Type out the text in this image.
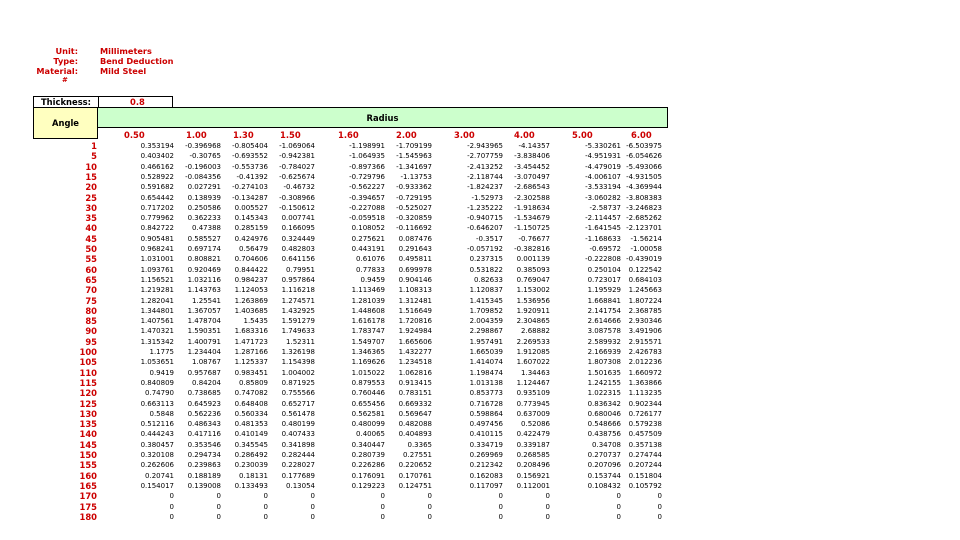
Unit:	Millimeters
Type:	Bend Deduction
Material:	Mild Steel
#
Thickness:	0.8
Angle
Radius
0.50	1.00	1.30	1.50	1.60	2.00	3.00	4.00	5.00	6.00
1	0.353194	-0.396968	-0.805404	-1.069064	-1.198991	-1.709199	-2.943965	-4.14357	-5.330261 -6.503975
5	0.403402	-0.30765	-0.693552	-0.942381	-1.064935	-1.545963	-2.707759	-3.838406	-4.951931 -6.054626
10	0.466162	-0.196003	-0.553736	-0.784027	-0.897366	-1.341697	-2.413252	-3.454452	-4.479019 -5.493066
15	0.528922	-0.084356	-0.41392	-0.625674	-0.729796	-1.13753	-2.118744	-3.070497	-4.006107 -4.931505
20	0.591682	0.027291	-0.274103	-0.46732	-0.562227	-0.933362	-1.824237	-2.686543	-3.533194 -4.369944
25	0.654442	0.138939	-0.134287	-0.308966	-0.394657	-0.729195	-1.52973	-2.302588	-3.060282 -3.808383
30	0.717202	0.250586	0.005527	-0.150612	-0.227088	-0.525027	-1.235222	-1.918634	-2.58737 -3.246823
35	0.779962	0.362233	0.145343	0.007741	-0.059518	-0.320859	-0.940715	-1.534679	-2.114457 -2.685262
40	0.842722	0.47388	0.285159	0.166095	0.108052	-0.116692	-0.646207	-1.150725	-1.641545 -2.123701
45	0.905481	0.585527	0.424976	0.324449	0.275621	0.087476	-0.3517	-0.76677	-1.168633	-1.56214
50	0.968241	0.697174	0.56479	0.482803	0.443191	0.291643	-0.057192	-0.382816	-0.69572	-1.00058
55	1.031001	0.808821	0.704606	0.641156	0.61076	0.495811	0.237315	0.001139	-0.222808 -0.439019
60	1.093761	0.920469	0.844422	0.79951	0.77833	0.699978	0.531822	0.385093	0.250104	0.122542
65	1.156521	1.032116	0.984237	0.957864	0.9459	0.904146	0.82633	0.769047	0.723017	0.684103
70	1.219281	1.143763	1.124053	1.116218	1.113469	1.108313	1.120837	1.153002	1.195929	1.245663
75	1.282041	1.25541	1.263869	1.274571	1.281039	1.312481	1.415345	1.536956	1.668841	1.807224
80	1.344801	1.367057	1.403685	1.432925	1.448608	1.516649	1.709852	1.920911	2.141754	2.368785
85	1.407561	1.478704	1.5435	1.591279	1.616178	1.720816	2.004359	2.304865	2.614666	2.930346
90	1.470321	1.590351	1.683316	1.749633	1.783747	1.924984	2.298867	2.68882	3.087578	3.491906
95	1.315342	1.400791	1.471723	1.52311	1.549707	1.665606	1.957491	2.269533	2.589932	2.915571
100	1.1775	1.234404	1.287166	1.326198	1.346365	1.432277	1.665039	1.912085	2.166939	2.426783
105	1.053651	1.08767	1.125337	1.154398	1.169626	1.234518	1.414074	1.607022	1.807308	2.012236
110	0.9419	0.957687	0.983451	1.004002	1.015022	1.062816	1.198474	1.34463	1.501635	1.660972
115	0.840809	0.84204	0.85809	0.871925	0.879553	0.913415	1.013138	1.124467	1.242155	1.363866
120	0.74790	0.738685	0.747082	0.755566	0.760446	0.783151	0.853773	0.935109	1.022315	1.113235
125	0.663113	0.645923	0.648408	0.652717	0.655456	0.669332	0.716728	0.773945	0.836342	0.902344
130	0.5848	0.562236	0.560334	0.561478	0.562581	0.569647	0.598864	0.637009	0.680046	0.726177
135	0.512116	0.486343	0.481353	0.480199	0.480099	0.482088	0.497456	0.52086	0.548666	0.579238
140	0.444243	0.417116	0.410149	0.407433	0.40065	0.404893	0.410115	0.422479	0.438756	0.457509
145	0.380457	0.353546	0.345545	0.341898	0.340447	0.3365	0.334719	0.339187	0.34708	0.357138
150	0.320108	0.294734	0.286492	0.282444	0.280739	0.27551	0.269969	0.268585	0.270737	0.274744
155	0.262606	0.239863	0.230039	0.228027	0.226286	0.220652	0.212342	0.208496	0.207096	0.207244
160	0.20741	0.188189	0.18131	0.177689	0.176091	0.170761	0.162083	0.156921	0.153744	0.151804
165	0.154017	0.139008	0.133493	0.13054	0.129223	0.124751	0.117097	0.112001	0.108432	0.105792
170	0	0	0	0	0	0	0	0	0	0
175	0	0	0	0	0	0	0	0	0	0
180	0	0	0	0	0	0	0	0	0	0
